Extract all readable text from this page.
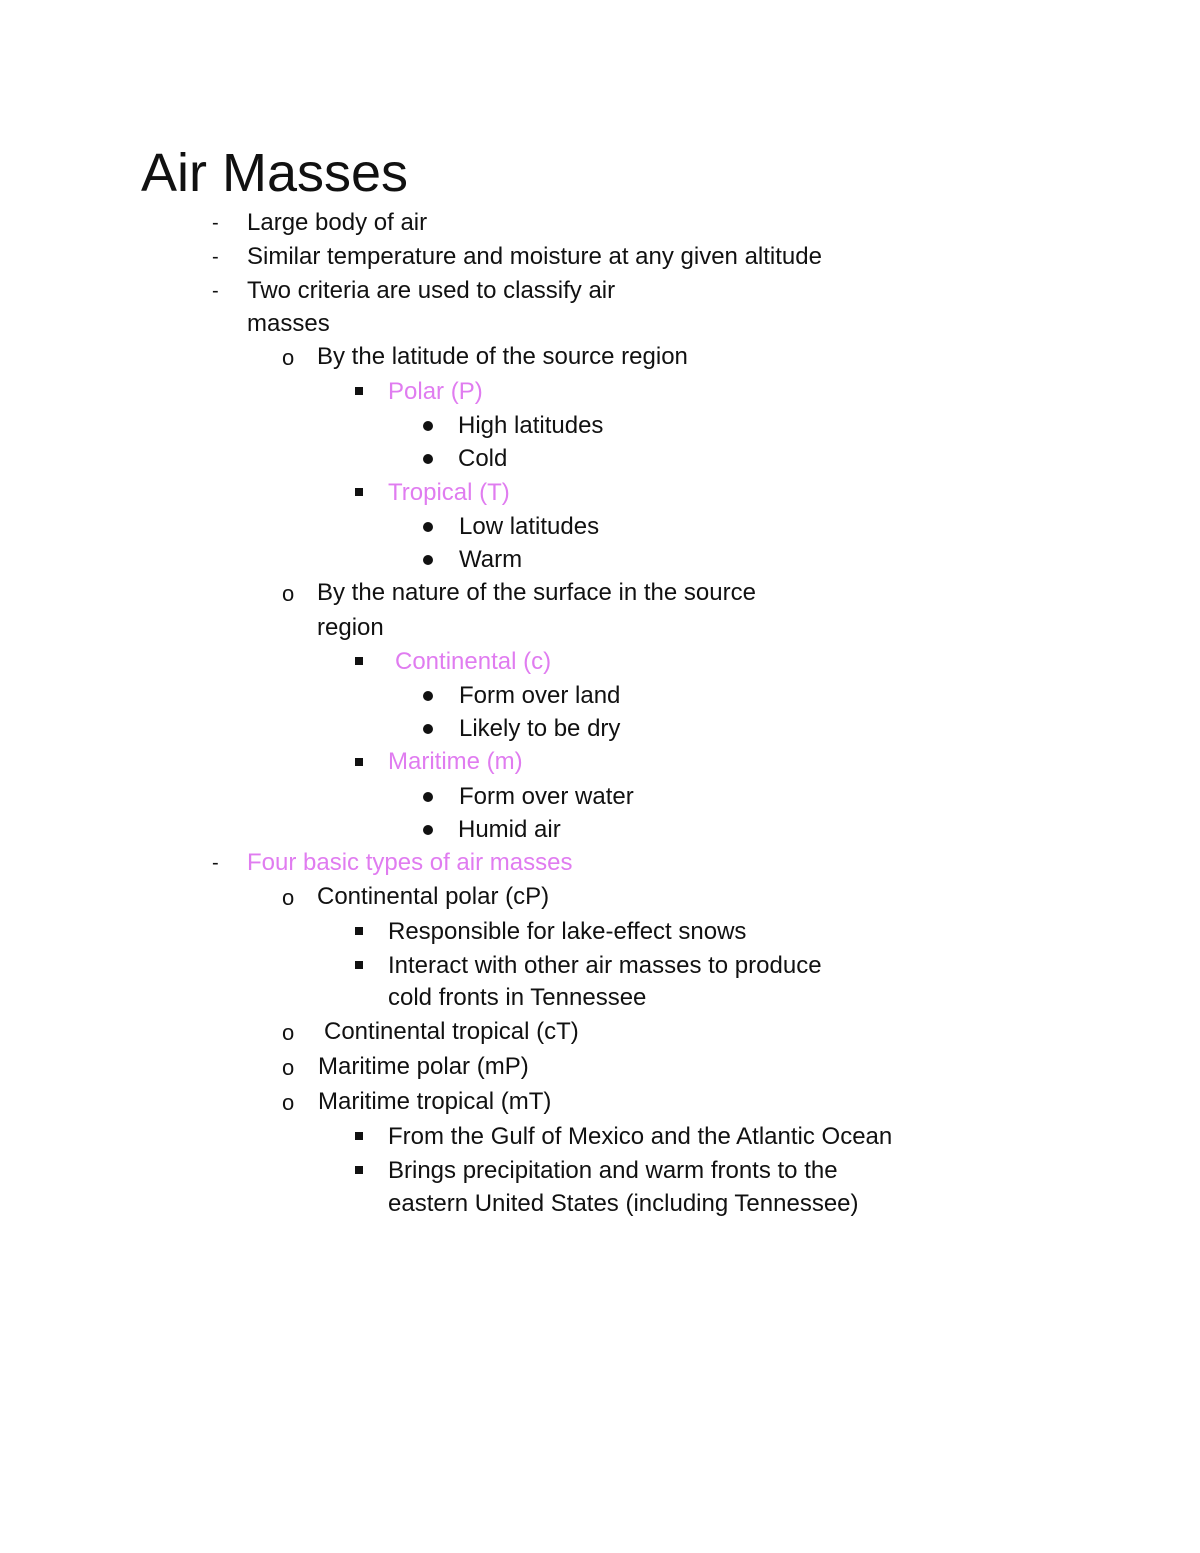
Air Masses
- Large body of air
- Similar temperature and moisture at any given altitude
- Two criteria are used to classify air
masses
o By the latitude of the source region
Polar (P)
High latitudes
Cold
Tropical (T)
Low latitudes
Warm
o By the nature of the surface in the source
region
Continental (c)
Form over land
Likely to be dry
Maritime (m)
Form over water
Humid air
- Four basic types of air masses
o Continental polar (cP)
Responsible for lake-effect snows
Interact with other air masses to produce
cold fronts in Tennessee
o Continental tropical (cT)
o Maritime polar (mP)
o Maritime tropical (mT)
From the Gulf of Mexico and the Atlantic Ocean
Brings precipitation and warm fronts to the
eastern United States (including Tennessee)
